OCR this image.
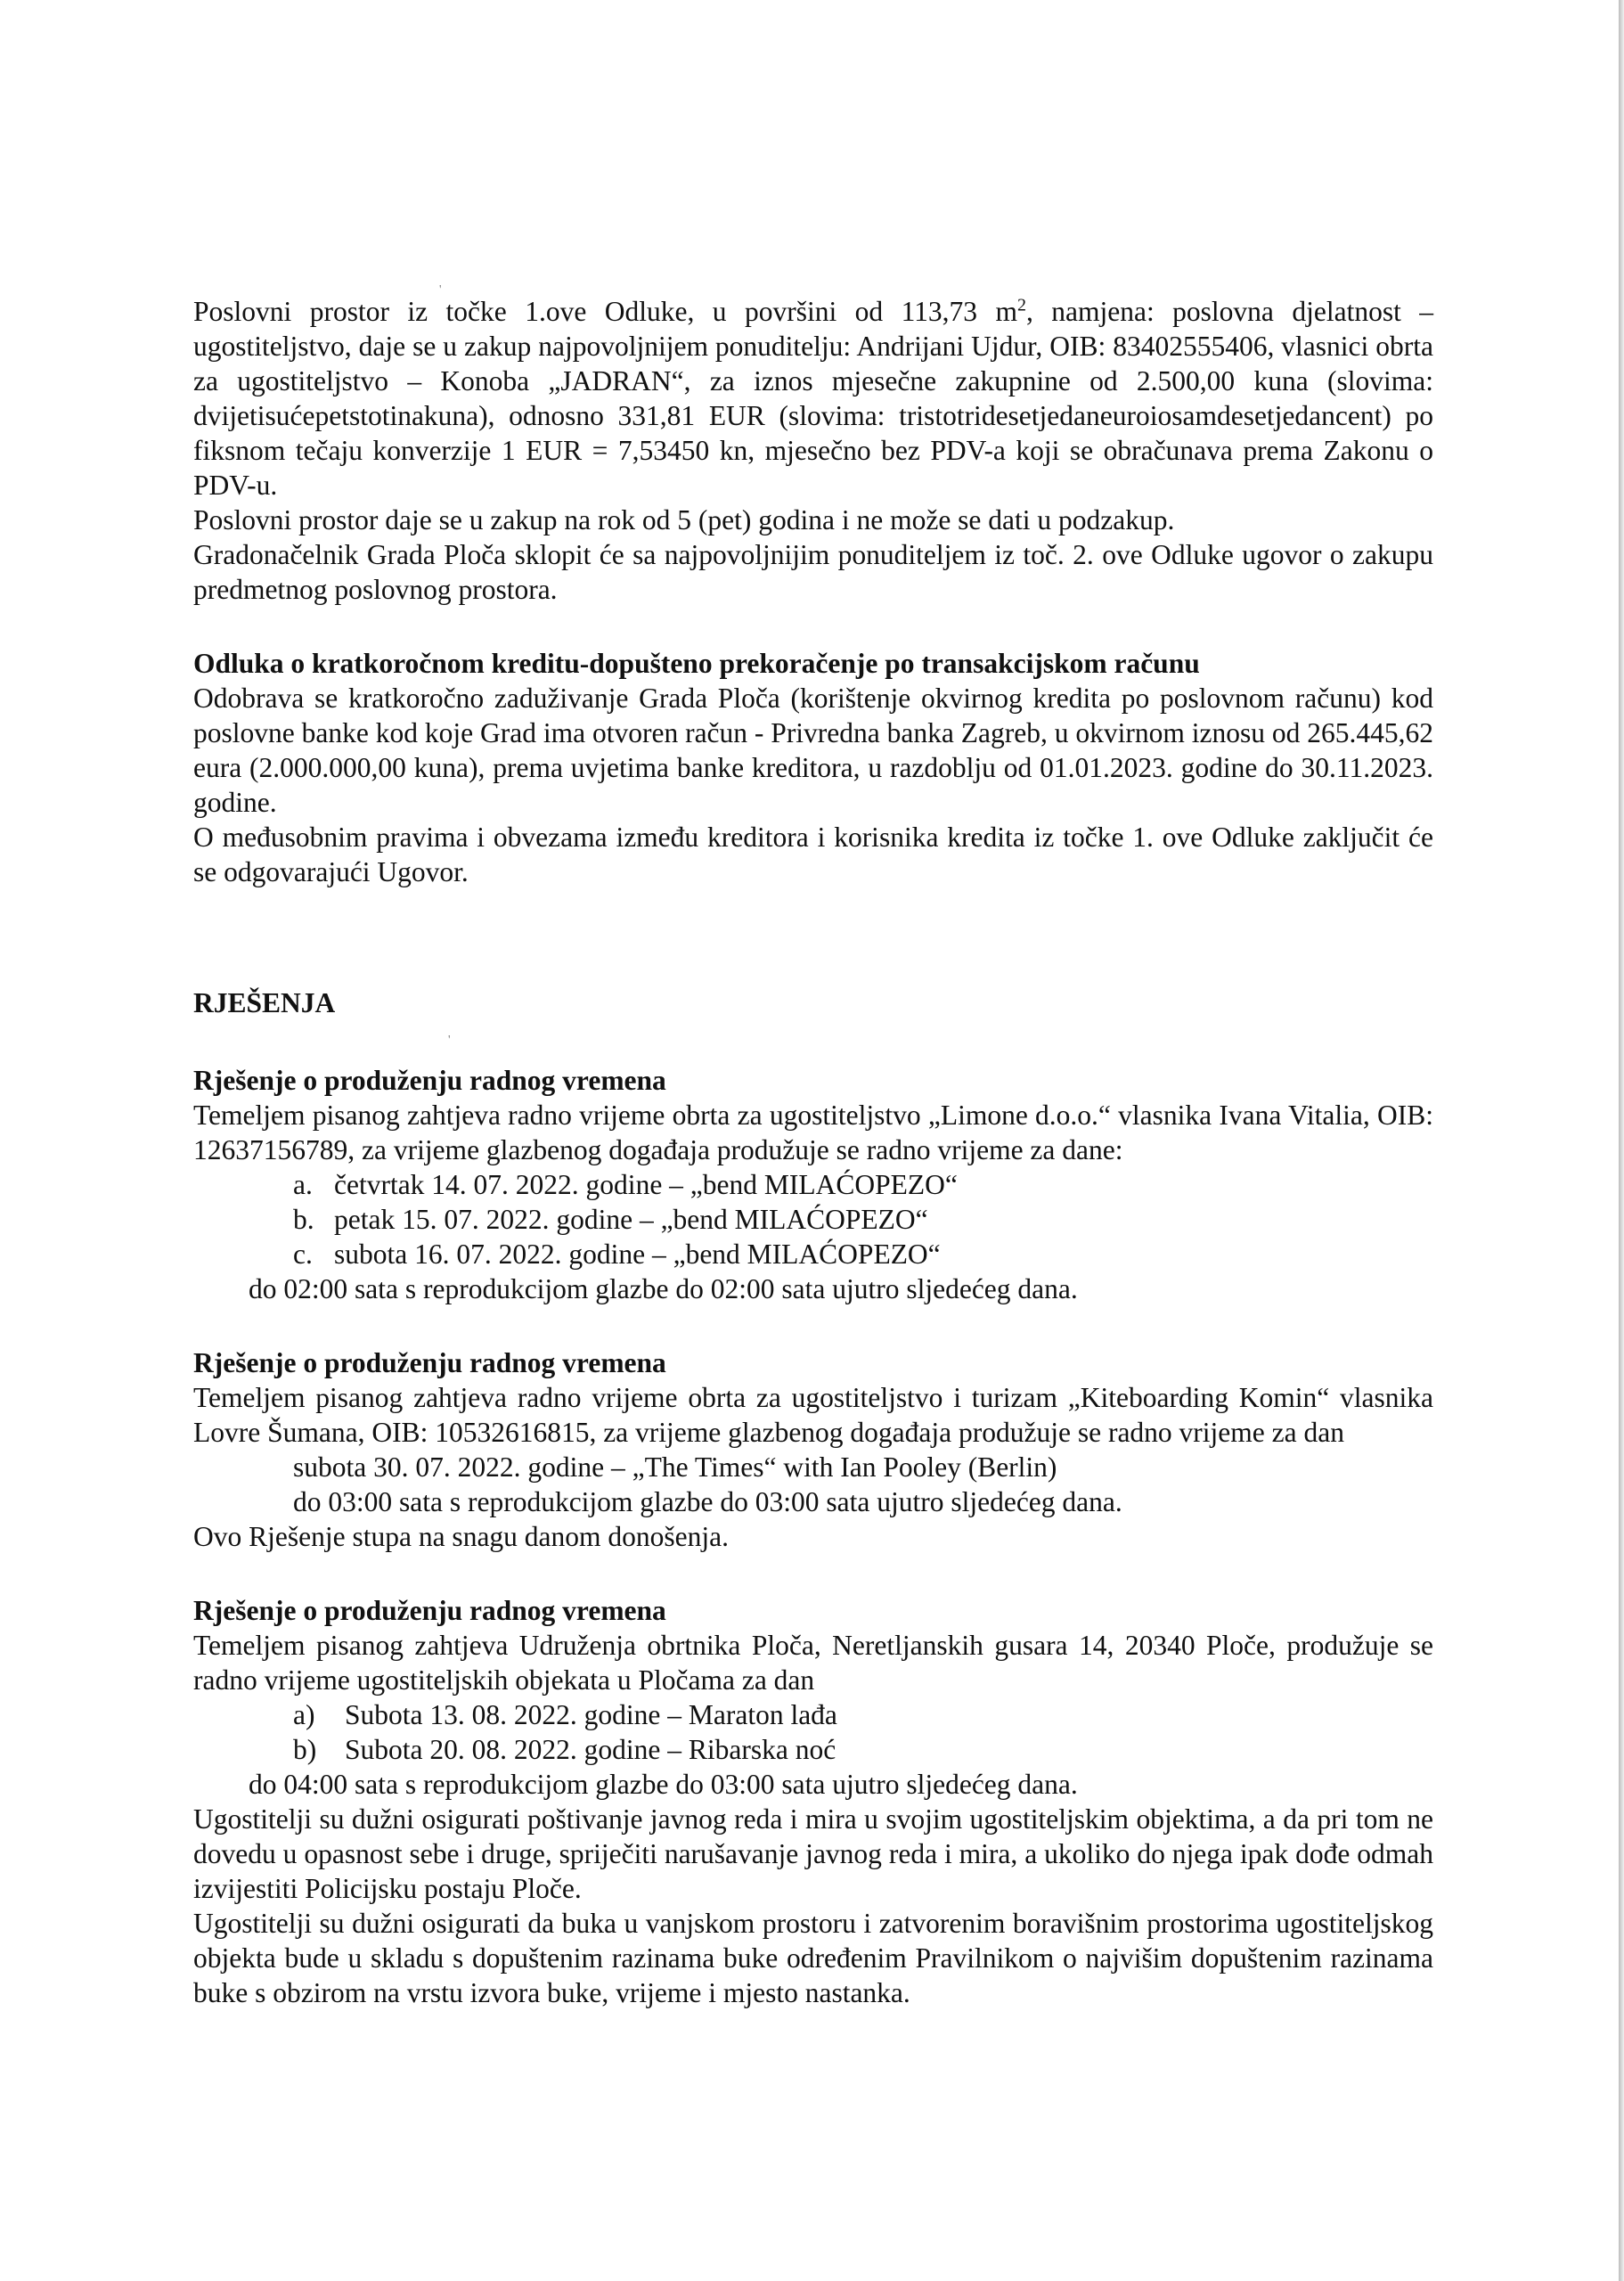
'
'

Poslovni prostor iz točke 1.ove Odluke, u površini od 113,73 $m^2$, namjena: poslovna djelatnost – ugostiteljstvo, daje se u zakup najpovoljnijem ponuditelju: Andrijani Ujdur, OIB: 83402555406, vlasnici obrta za ugostiteljstvo – Konoba „JADRAN“, za iznos mjesečne zakupnine od 2.500,00 kuna (slovima: dvijetisućepetstotinakuna), odnosno 331,81 EUR (slovima: tristotridesetjedaneuroiosamdesetjedancent) po fiksnom tečaju konverzije 1 EUR = 7,53450 kn, mjesečno bez PDV-a koji se obračunava prema Zakonu o PDV-u.

Poslovni prostor daje se u zakup na rok od 5 (pet) godina i ne može se dati u podzakup.

Gradonačelnik Grada Ploča sklopit će sa najpovoljnijim ponuditeljem iz toč. 2. ove Odluke ugovor o zakupu predmetnog poslovnog prostora.

Odluka o kratkoročnom kreditu-dopušteno prekoračenje po transakcijskom računu

Odobrava se kratkoročno zaduživanje Grada Ploča (korištenje okvirnog kredita po poslovnom računu) kod poslovne banke kod koje Grad ima otvoren račun - Privredna banka Zagreb, u okvirnom iznosu od 265.445,62 eura (2.000.000,00 kuna), prema uvjetima banke kreditora, u razdoblju od 01.01.2023. godine do 30.11.2023. godine.

O međusobnim pravima i obvezama između kreditora i korisnika kredita iz točke 1. ove Odluke zaključit će se odgovarajući Ugovor.

RJEŠENJA

Rješenje o produženju radnog vremena

Temeljem pisanog zahtjeva radno vrijeme obrta za ugostiteljstvo „Limone d.o.o.“ vlasnika Ivana Vitalia, OIB: 12637156789, za vrijeme glazbenog događaja produžuje se radno vrijeme za dane:

a. četvrtak 14. 07. 2022. godine – „bend MILAĆOPEZO“
b. petak 15. 07. 2022. godine – „bend MILAĆOPEZO“
c. subota 16. 07. 2022. godine – „bend MILAĆOPEZO“

do 02:00 sata s reprodukcijom glazbe do 02:00 sata ujutro sljedećeg dana.

Rješenje o produženju radnog vremena

Temeljem pisanog zahtjeva radno vrijeme obrta za ugostiteljstvo i turizam „Kiteboarding Komin“ vlasnika Lovre Šumana, OIB: 10532616815, za vrijeme glazbenog događaja produžuje se radno vrijeme za dan

subota 30. 07. 2022. godine – „The Times“ with Ian Pooley (Berlin)

do 03:00 sata s reprodukcijom glazbe do 03:00 sata ujutro sljedećeg dana.

Ovo Rješenje stupa na snagu danom donošenja.

Rješenje o produženju radnog vremena

Temeljem pisanog zahtjeva Udruženja obrtnika Ploča, Neretljanskih gusara 14, 20340 Ploče, produžuje se radno vrijeme ugostiteljskih objekata u Pločama za dan

a) Subota 13. 08. 2022. godine – Maraton lađa
b) Subota 20. 08. 2022. godine – Ribarska noć

do 04:00 sata s reprodukcijom glazbe do 03:00 sata ujutro sljedećeg dana.

Ugostitelji su dužni osigurati poštivanje javnog reda i mira u svojim ugostiteljskim objektima, a da pri tom ne dovedu u opasnost sebe i druge, spriječiti narušavanje javnog reda i mira, a ukoliko do njega ipak dođe odmah izvijestiti Policijsku postaju Ploče.

Ugostitelji su dužni osigurati da buka u vanjskom prostoru i zatvorenim boravišnim prostorima ugostiteljskog objekta bude u skladu s dopuštenim razinama buke određenim Pravilnikom o najvišim dopuštenim razinama buke s obzirom na vrstu izvora buke, vrijeme i mjesto nastanka.
